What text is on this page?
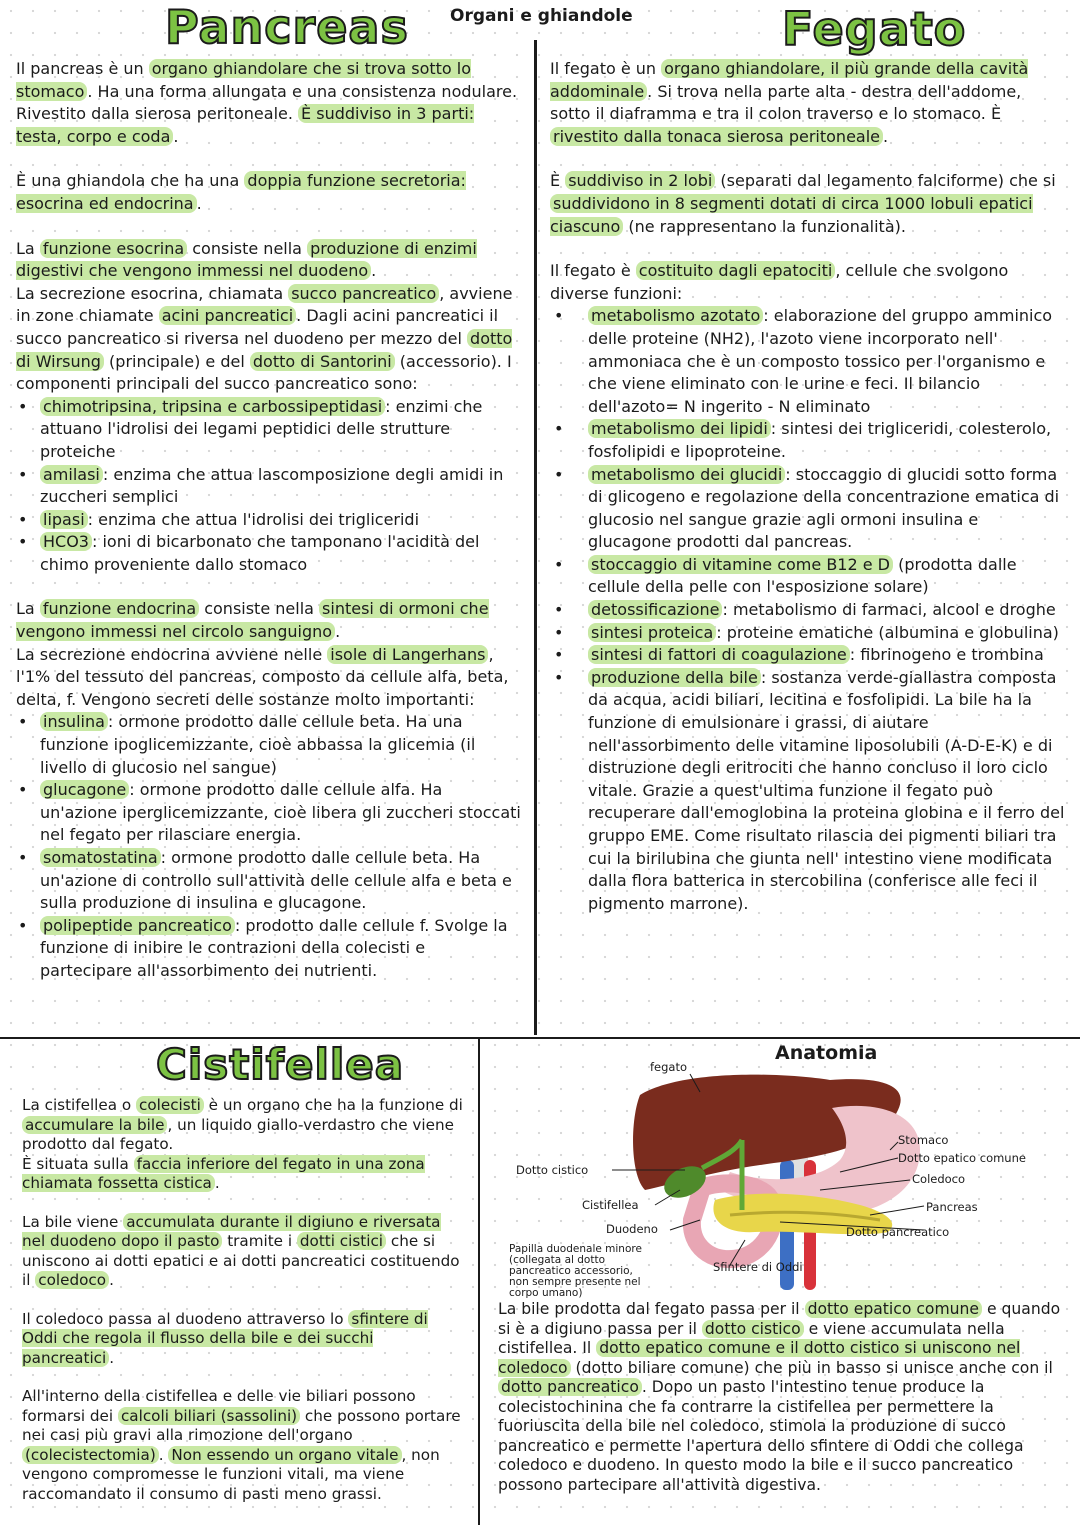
Pancreas Organi e ghiandole	Fegato

Il pancreas è un organo ghiandolare che si trova sotto lo stomaco . Ha una forma allungata e una consistenza nodulare. Rivestito dalla sierosa peritoneale. È suddiviso in 3 parti: testa, corpo e coda .

È una ghiandola che ha una doppia funzione secretoria: esocrina ed endocrina .

La funzione esocrina consiste nella produzione di enzimi digestivi che vengono immessi nel duodeno .
La secrezione esocrina, chiamata succo pancreatico , avviene in zone chiamate acini pancreatici . Dagli acini pancreatici il succo pancreatico si riversa nel duodeno per mezzo del dotto di Wirsung (principale) e del dotto di Santorini (accessorio). I componenti principali del succo pancreatico sono:

• chimotripsina, tripsina e carbossipeptidasi : enzimi che attuano l'idrolisi dei legami peptidici delle strutture proteiche
• amilasi : enzima che attua lascomposizione degli amidi in zuccheri semplici
• lipasi : enzima che attua l'idrolisi dei trigliceridi
• HCO3 : ioni di bicarbonato che tamponano l'acidità del chimo proveniente dallo stomaco

La funzione endocrina consiste nella sintesi di ormoni che vengono immessi nel circolo sanguigno .
La secrezione endocrina avviene nelle isole di Langerhans , l'1% del tessuto del pancreas, composto da cellule alfa, beta, delta, f. Vengono secreti delle sostanze molto importanti:

• insulina : ormone prodotto dalle cellule beta. Ha una funzione ipoglicemizzante, cioè abbassa la glicemia (il livello di glucosio nel sangue)
• glucagone : ormone prodotto dalle cellule alfa. Ha un'azione iperglicemizzante, cioè libera gli zuccheri stoccati nel fegato per rilasciare energia.
• somatostatina : ormone prodotto dalle cellule beta. Ha un'azione di controllo sull'attività delle cellule alfa e beta e sulla produzione di insulina e glucagone.
• polipeptide pancreatico : prodotto dalle cellule f. Svolge la funzione di inibire le contrazioni della colecisti e partecipare all'assorbimento dei nutrienti.

Il fegato è un organo ghiandolare, il più grande della cavità addominale . Si trova nella parte alta - destra dell'addome, sotto il diaframma e tra il colon traverso e lo stomaco. È rivestito dalla tonaca sierosa peritoneale .

È suddiviso in 2 lobi (separati dal legamento falciforme) che si suddividono in 8 segmenti dotati di circa 1000 lobuli epatici ciascuno (ne rappresentano la funzionalità).

Il fegato è costituito dagli epatociti , cellule che svolgono diverse funzioni:

• metabolismo azotato : elaborazione del gruppo amminico delle proteine (NH2), l'azoto viene incorporato nell' ammoniaca che è un composto tossico per l'organismo e che viene eliminato con le urine e feci. Il bilancio dell'azoto= N ingerito - N eliminato
• metabolismo dei lipidi : sintesi dei trigliceridi, colesterolo, fosfolipidi e lipoproteine.
• metabolismo dei glucidi : stoccaggio di glucidi sotto forma di glicogeno e regolazione della concentrazione ematica di glucosio nel sangue grazie agli ormoni insulina e glucagone prodotti dal pancreas.
• stoccaggio di vitamine come B12 e D (prodotta dalle cellule della pelle con l'esposizione solare)
• detossificazione : metabolismo di farmaci, alcool e droghe
• sintesi proteica : proteine ematiche (albumina e globulina)
• sintesi di fattori di coagulazione : fibrinogeno e trombina
• produzione della bile : sostanza verde-giallastra composta da acqua, acidi biliari, lecitina e fosfolipidi. La bile ha la funzione di emulsionare i grassi, di aiutare nell'assorbimento delle vitamine liposolubili (A-D-E-K) e di distruzione degli eritrociti che hanno concluso il loro ciclo vitale. Grazie a quest'ultima funzione il fegato può recuperare dall'emoglobina la proteina globina e il ferro del gruppo EME. Come risultato rilascia dei pigmenti biliari tra cui la birilubina che giunta nell' intestino viene modificata dalla flora batterica in stercobilina (conferisce alle feci il pigmento marrone).
Cistifellea

La cistifellea o colecisti è un organo che ha la funzione di accumulare la bile , un liquido giallo-verdastro che viene prodotto dal fegato.
È situata sulla faccia inferiore del fegato in una zona chiamata fossetta cistica .

La bile viene accumulata durante il digiuno e riversata nel duodeno dopo il pasto tramite i dotti cistici che si uniscono ai dotti epatici e ai dotti pancreatici costituendo il coledoco .

Il coledoco passa al duodeno attraverso lo sfintere di Oddi che regola il flusso della bile e dei succhi pancreatici .

All'interno della cistifellea e delle vie biliari possono formarsi dei calcoli biliari (sassolini) che possono portare nei casi più gravi alla rimozione dell'organo (colecistectomia) . Non essendo un organo vitale , non vengono compromesse le funzioni vitali, ma viene raccomandato il consumo di pasti meno grassi.

Anatomia
fegato
Stomaco
Dotto epatico comune
Coledoco
Pancreas
Dotto pancreatico
Dotto cistico
Cistifellea
Duodeno
Sfintere di Oddi
Papilla duodenale minore
(collegata al dotto
pancreatico accessorio,
non sempre presente nel
corpo umano)

La bile prodotta dal fegato passa per il dotto epatico comune e quando si è a digiuno passa per il dotto cistico e viene accumulata nella cistifellea. Il dotto epatico comune e il dotto cistico si uniscono nel coledoco (dotto biliare comune) che più in basso si unisce anche con il dotto pancreatico . Dopo un pasto l'intestino tenue produce la colecistochinina che fa contrarre la cistifellea per permettere la fuoriuscita della bile nel coledoco, stimola la produzione di succo pancreatico e permette l'apertura dello sfintere di Oddi che collega coledoco e duodeno. In questo modo la bile e il succo pancreatico possono partecipare all'attività digestiva.
